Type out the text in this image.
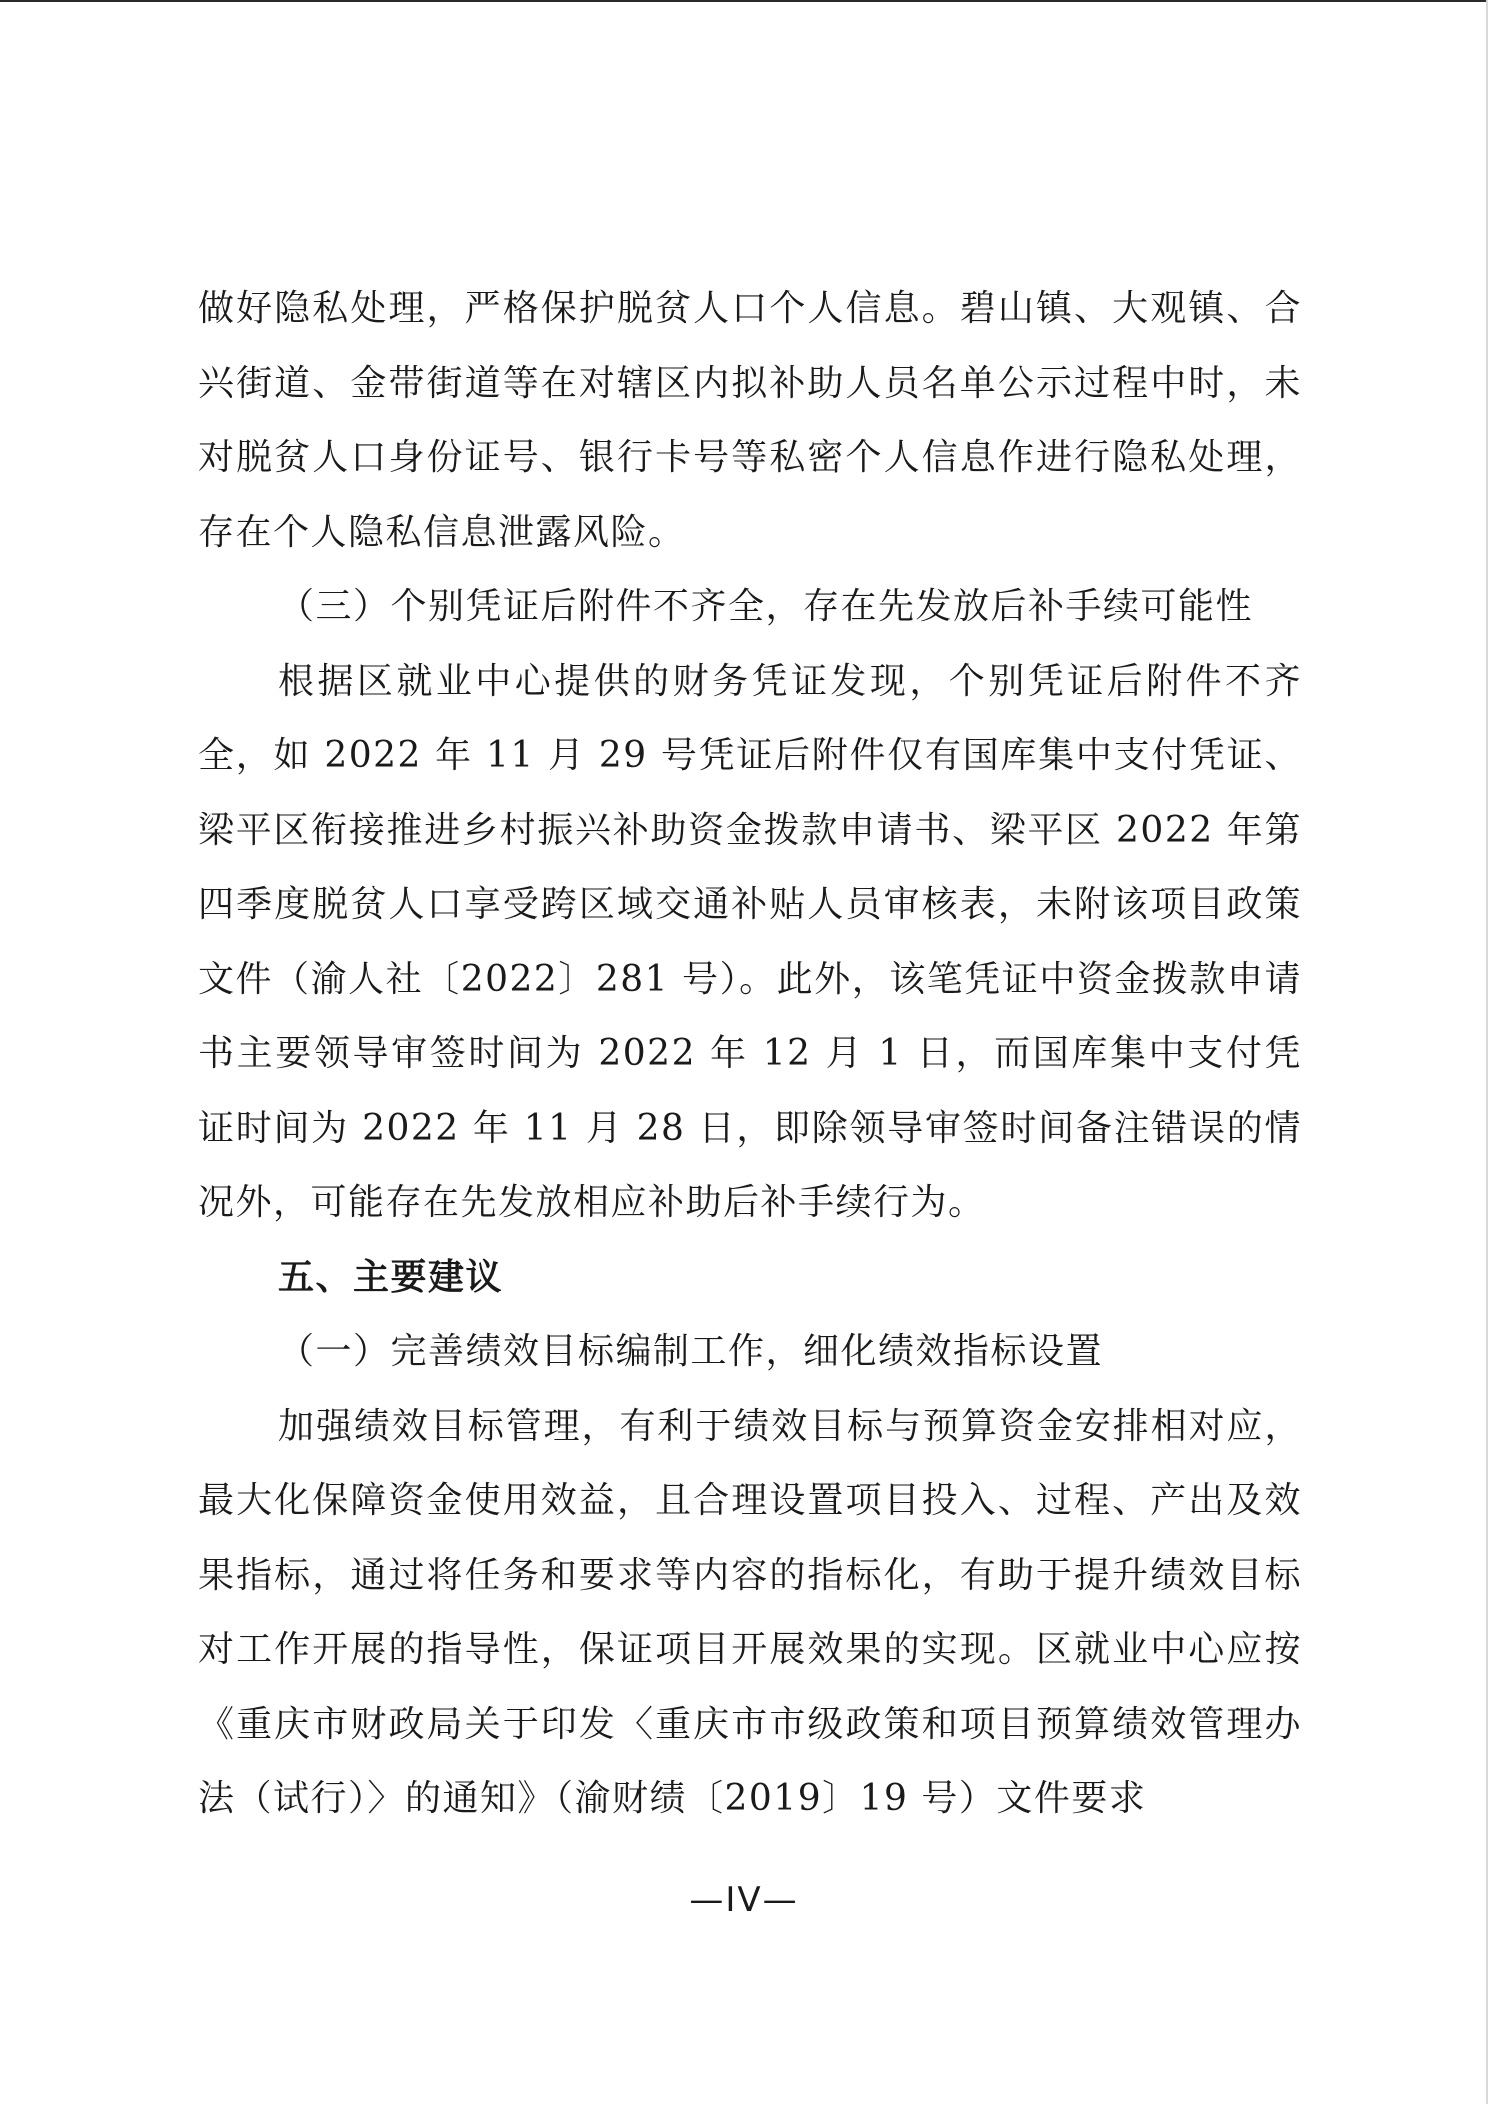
做好隐私处理，严格保护脱贫人口个人信息。碧山镇、大观镇、合兴街道、金带街道等在对辖区内拟补助人员名单公示过程中时，未对脱贫人口身份证号、银行卡号等私密个人信息作进行隐私处理，存在个人隐私信息泄露风险。

（三）个别凭证后附件不齐全，存在先发放后补手续可能性

根据区就业中心提供的财务凭证发现，个别凭证后附件不齐全，如 2022 年 11 月 29 号凭证后附件仅有国库集中支付凭证、梁平区衔接推进乡村振兴补助资金拨款申请书、梁平区 2022 年第四季度脱贫人口享受跨区域交通补贴人员审核表，未附该项目政策文件（渝人社〔2022〕281 号）。此外，该笔凭证中资金拨款申请书主要领导审签时间为 2022 年 12 月 1 日，而国库集中支付凭证时间为 2022 年 11 月 28 日，即除领导审签时间备注错误的情况外，可能存在先发放相应补助后补手续行为。

五、主要建议

（一）完善绩效目标编制工作，细化绩效指标设置

加强绩效目标管理，有利于绩效目标与预算资金安排相对应，最大化保障资金使用效益，且合理设置项目投入、过程、产出及效果指标，通过将任务和要求等内容的指标化，有助于提升绩效目标对工作开展的指导性，保证项目开展效果的实现。区就业中心应按《重庆市财政局关于印发〈重庆市市级政策和项目预算绩效管理办法（试行）〉的通知》（渝财绩〔2019〕19 号）文件要求

—ⅠⅤ—
